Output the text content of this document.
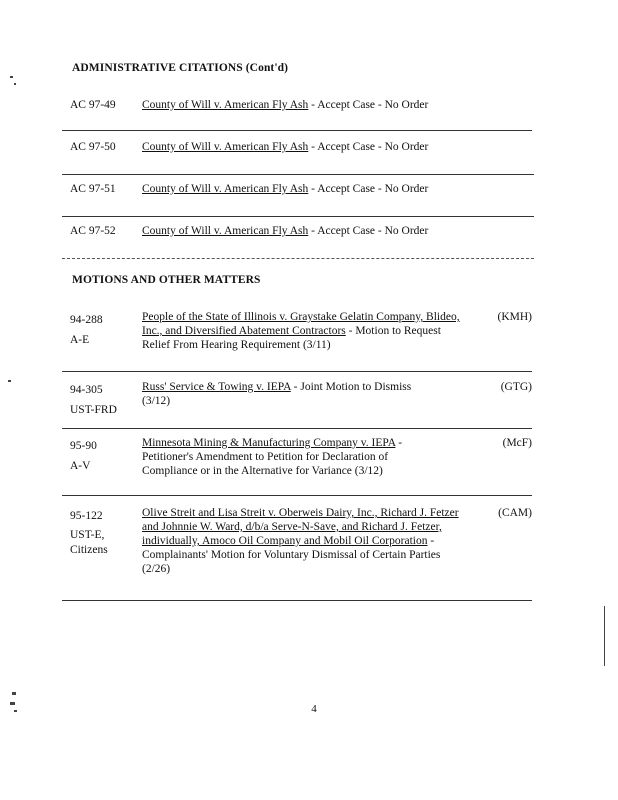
ADMINISTRATIVE CITATIONS (Cont'd)
AC 97-49 County of Will v. American Fly Ash - Accept Case - No Order
AC 97-50 County of Will v. American Fly Ash - Accept Case - No Order
AC 97-51 County of Will v. American Fly Ash - Accept Case - No Order
AC 97-52 County of Will v. American Fly Ash - Accept Case - No Order
MOTIONS AND OTHER MATTERS
94-288
A-E
People of the State of Illinois v. Graystake Gelatin Company, Blideo, Inc., and Diversified Abatement Contractors - Motion to Request Relief From Hearing Requirement (3/11)
(KMH)
94-305
UST-FRD
Russ' Service & Towing v. IEPA - Joint Motion to Dismiss (3/12)
(GTG)
95-90
A-V
Minnesota Mining & Manufacturing Company v. IEPA - Petitioner's Amendment to Petition for Declaration of Compliance or in the Alternative for Variance (3/12)
(McF)
95-122
UST-E,
Citizens
Olive Streit and Lisa Streit v. Oberweis Dairy, Inc., Richard J. Fetzer and Johnnie W. Ward, d/b/a Serve-N-Save, and Richard J. Fetzer, individually, Amoco Oil Company and Mobil Oil Corporation - Complainants' Motion for Voluntary Dismissal of Certain Parties (2/26)
(CAM)
4
